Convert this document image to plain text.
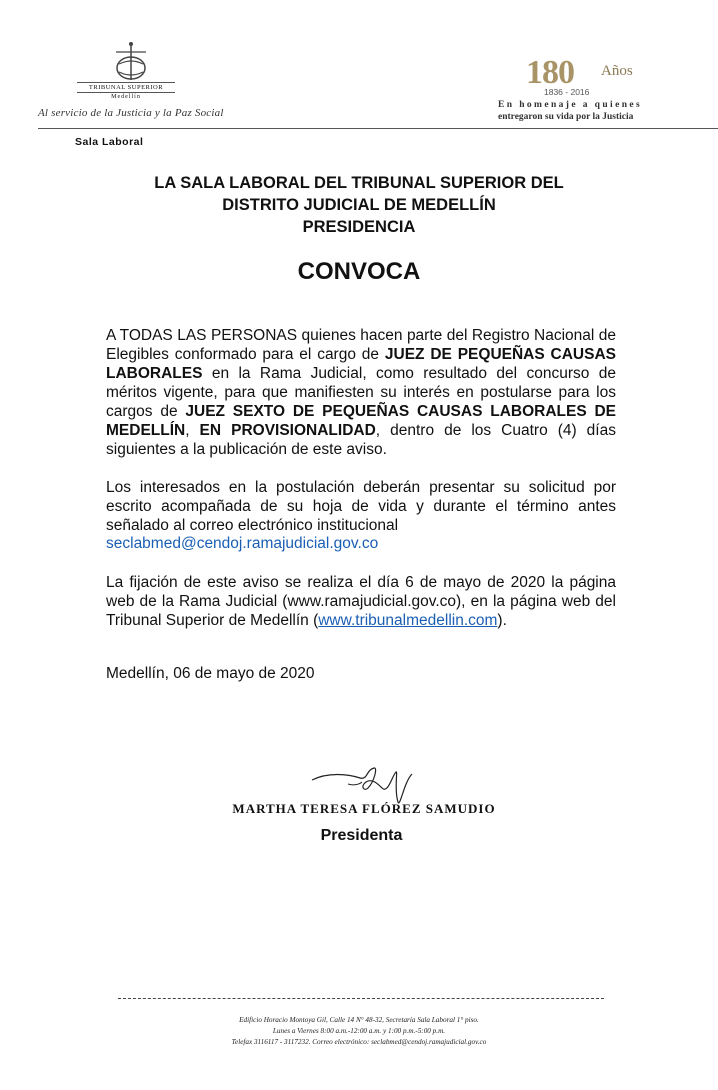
TRIBUNAL SUPERIOR
Medellín
Al servicio de la Justicia y la Paz Social
180 Años
1836 - 2016
En homenaje a quienes
entregaron su vida por la Justicia
Sala Laboral
LA SALA LABORAL DEL TRIBUNAL SUPERIOR DEL
DISTRITO JUDICIAL DE MEDELLÍN
PRESIDENCIA
CONVOCA
A TODAS LAS PERSONAS quienes hacen parte del Registro Nacional de Elegibles conformado para el cargo de JUEZ DE PEQUEÑAS CAUSAS LABORALES en la Rama Judicial, como resultado del concurso de méritos vigente, para que manifiesten su interés en postularse para los cargos de JUEZ SEXTO DE PEQUEÑAS CAUSAS LABORALES DE MEDELLÍN, EN PROVISIONALIDAD, dentro de los Cuatro (4) días siguientes a la publicación de este aviso.
Los interesados en la postulación deberán presentar su solicitud por escrito acompañada de su hoja de vida y durante el término antes señalado al correo electrónico institucional
seclabmed@cendoj.ramajudicial.gov.co
La fijación de este aviso se realiza el día 6 de mayo de 2020 la página web de la Rama Judicial (www.ramajudicial.gov.co), en la página web del Tribunal Superior de Medellín (www.tribunalmedellin.com).
Medellín, 06 de mayo de 2020
MARTHA TERESA FLÓREZ SAMUDIO
Presidenta
Edificio Horacio Montoya Gil, Calle 14 N° 48-32, Secretaría Sala Laboral 1° piso.
Lunes a Viernes 8:00 a.m.-12:00 a.m. y 1:00 p.m.-5:00 p.m.
Telefax 3116117 - 3117232. Correo electrónico: seclabmed@cendoj.ramajudicial.gov.co
